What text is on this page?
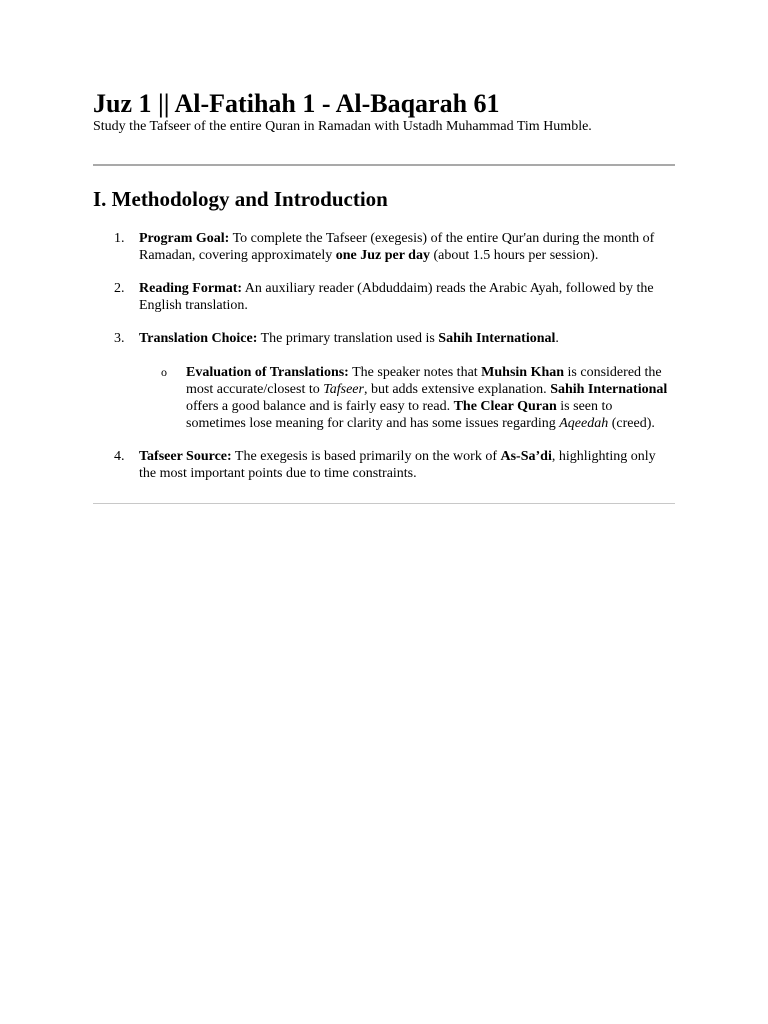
Juz 1 || Al-Fatihah 1 - Al-Baqarah 61

Study the Tafseer of the entire Quran in Ramadan with Ustadh Muhammad Tim Humble.

I. Methodology and Introduction
1. Program Goal: To complete the Tafseer (exegesis) of the entire Qur'an during the month of Ramadan, covering approximately one Juz per day (about 1.5 hours per session).
2. Reading Format: An auxiliary reader (Abduddaim) reads the Arabic Ayah, followed by the English translation.
3. Translation Choice: The primary translation used is Sahih International.
o Evaluation of Translations: The speaker notes that Muhsin Khan is considered the most accurate/closest to Tafseer, but adds extensive explanation. Sahih International offers a good balance and is fairly easy to read. The Clear Quran is seen to sometimes lose meaning for clarity and has some issues regarding Aqeedah (creed).
4. Tafseer Source: The exegesis is based primarily on the work of As-Sa’di, highlighting only the most important points due to time constraints.
